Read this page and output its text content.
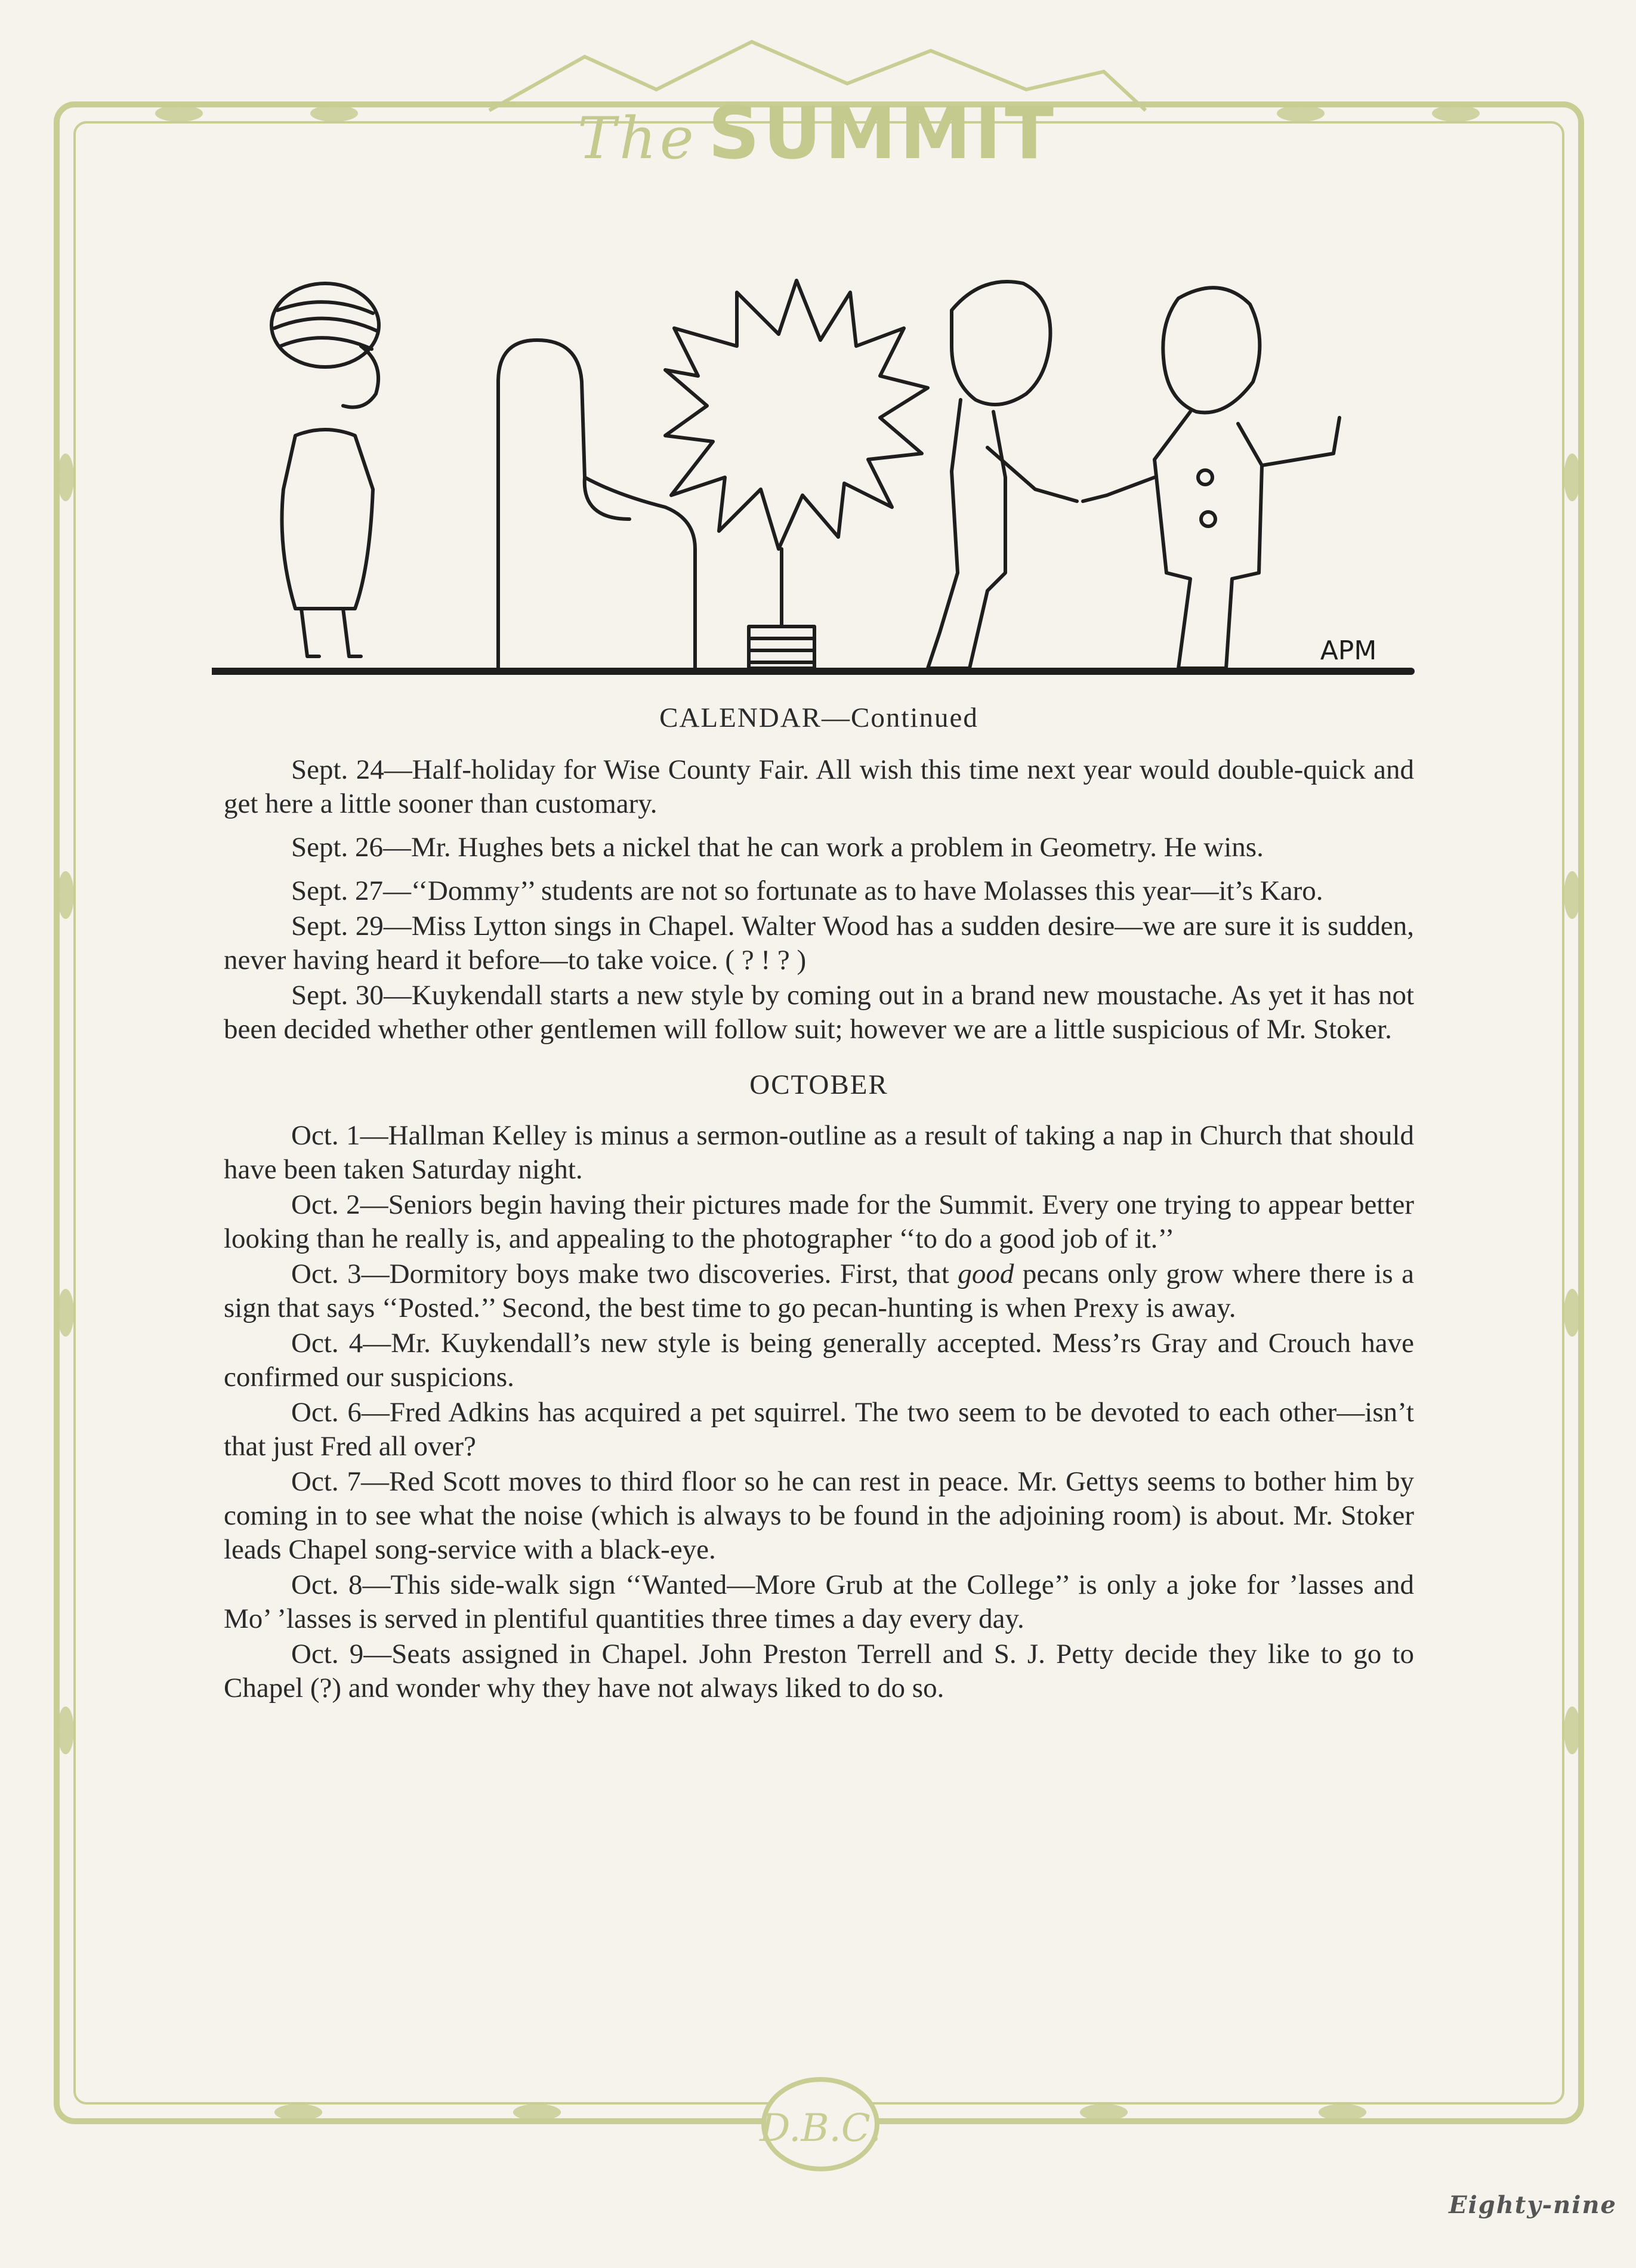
D.B.C.
The SUMMIT
APM
CALENDAR—Continued

Sept. 24—Half-holiday for Wise County Fair. All wish this time next year would double-quick and get here a little sooner than customary.

Sept. 26—Mr. Hughes bets a nickel that he can work a problem in Geometry. He wins.

Sept. 27—‘‘Dommy’’ students are not so fortunate as to have Molasses this year—it’s Karo.

Sept. 29—Miss Lytton sings in Chapel. Walter Wood has a sudden desire—we are sure it is sudden, never having heard it before—to take voice. ( ? ! ? )

Sept. 30—Kuykendall starts a new style by coming out in a brand new moustache. As yet it has not been decided whether other gentlemen will follow suit; however we are a little suspicious of Mr. Stoker.

OCTOBER

Oct. 1—Hallman Kelley is minus a sermon-outline as a result of taking a nap in Church that should have been taken Saturday night.

Oct. 2—Seniors begin having their pictures made for the Summit. Every one trying to appear better looking than he really is, and appealing to the photographer ‘‘to do a good job of it.’’

Oct. 3—Dormitory boys make two discoveries. First, that good pecans only grow where there is a sign that says ‘‘Posted.’’ Second, the best time to go pecan-hunting is when Prexy is away.

Oct. 4—Mr. Kuykendall’s new style is being generally accepted. Mess’rs Gray and Crouch have confirmed our suspicions.

Oct. 6—Fred Adkins has acquired a pet squirrel. The two seem to be devoted to each other—isn’t that just Fred all over?

Oct. 7—Red Scott moves to third floor so he can rest in peace. Mr. Gettys seems to bother him by coming in to see what the noise (which is always to be found in the adjoining room) is about. Mr. Stoker leads Chapel song-service with a black-eye.

Oct. 8—This side-walk sign ‘‘Wanted—More Grub at the College’’ is only a joke for ’lasses and Mo’ ’lasses is served in plentiful quantities three times a day every day.

Oct. 9—Seats assigned in Chapel. John Preston Terrell and S. J. Petty decide they like to go to Chapel (?) and wonder why they have not always liked to do so.

Eighty-nine
